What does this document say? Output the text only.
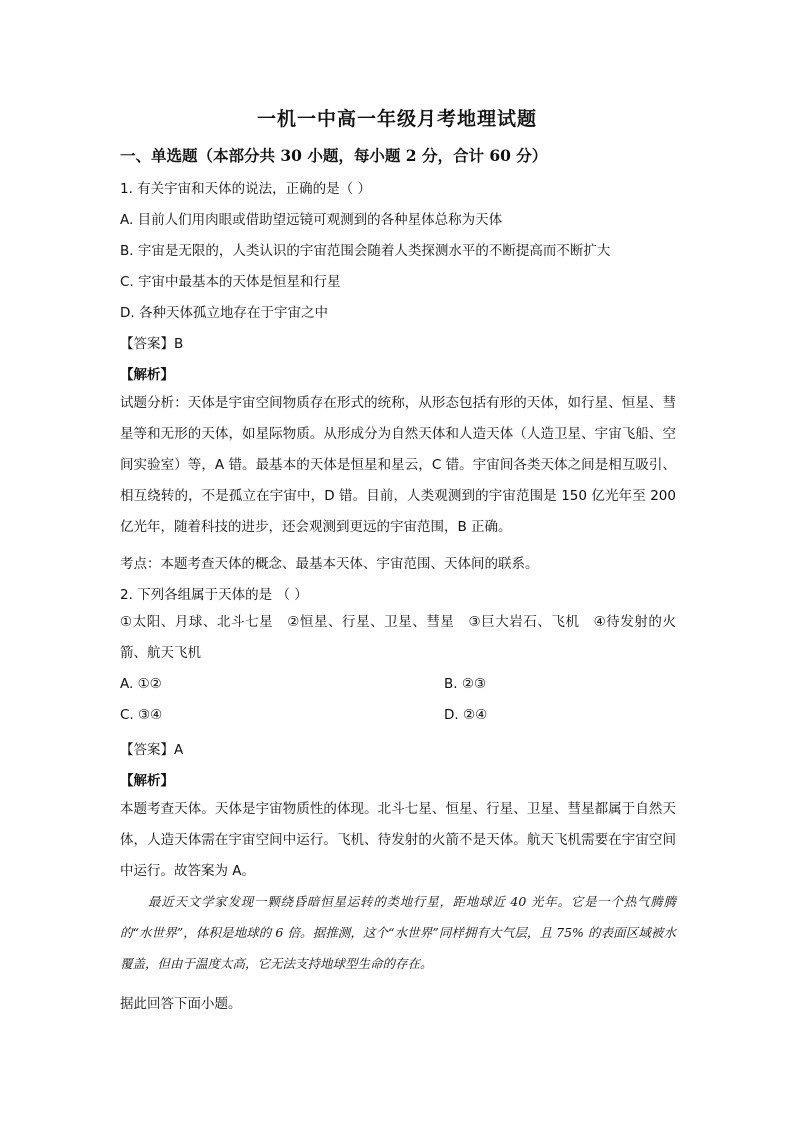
一机一中高一年级月考地理试题
一、单选题（本部分共 30 小题，每小题 2 分，合计 60 分）
1. 有关宇宙和天体的说法，正确的是（ ）
A. 目前人们用肉眼或借助望远镜可观测到的各种星体总称为天体
B. 宇宙是无限的，人类认识的宇宙范围会随着人类探测水平的不断提高而不断扩大
C. 宇宙中最基本的天体是恒星和行星
D. 各种天体孤立地存在于宇宙之中
【答案】B
【解析】
试题分析：天体是宇宙空间物质存在形式的统称，从形态包括有形的天体，如行星、恒星、彗星等和无形的天体，如星际物质。从形成分为自然天体和人造天体（人造卫星、宇宙飞船、空间实验室）等，A 错。最基本的天体是恒星和星云，C 错。宇宙间各类天体之间是相互吸引、相互绕转的，不是孤立在宇宙中，D 错。目前，人类观测到的宇宙范围是 150 亿光年至 200 亿光年，随着科技的进步，还会观测到更远的宇宙范围，B 正确。
考点：本题考查天体的概念、最基本天体、宇宙范围、天体间的联系。
2. 下列各组属于天体的是 （ ）
①太阳、月球、北斗七星　②恒星、行星、卫星、彗星　③巨大岩石、飞机　④待发射的火箭、航天飞机
A. ①②	B. ②③
C. ③④	D. ②④
【答案】A
【解析】
本题考查天体。天体是宇宙物质性的体现。北斗七星、恒星、行星、卫星、彗星都属于自然天体，人造天体需在宇宙空间中运行。飞机、待发射的火箭不是天体。航天飞机需要在宇宙空间中运行。故答案为 A。
最近天文学家发现一颗绕昏暗恒星运转的类地行星，距地球近 40 光年。它是一个热气腾腾的“水世界”，体积是地球的 6 倍。据推测，这个“水世界”同样拥有大气层，且 75% 的表面区域被水覆盖，但由于温度太高，它无法支持地球型生命的存在。
据此回答下面小题。
